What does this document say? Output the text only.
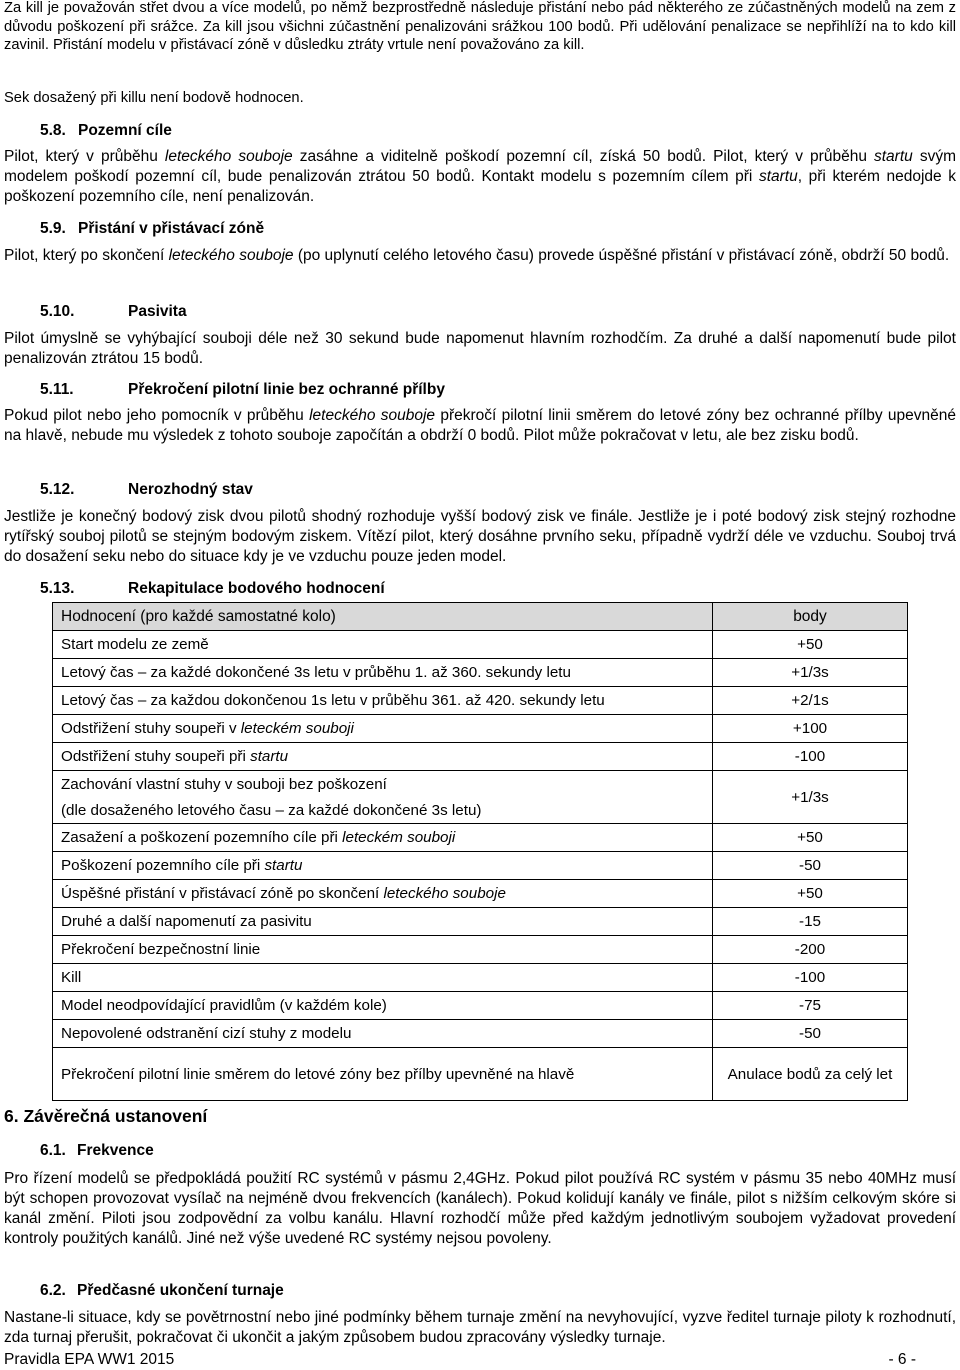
Za kill je považován střet dvou a více modelů, po němž bezprostředně následuje přistání nebo pád některého ze zúčastněných modelů na zem z důvodu poškození při srážce. Za kill jsou všichni zúčastnění penalizováni srážkou 100 bodů. Při udělování penalizace se nepřihlíží na to kdo kill zavinil. Přistání modelu v přistávací zóně v důsledku ztráty vrtule není považováno za kill.

Sek dosažený při killu není bodově hodnocen.

5.8. Pozemní cíle

Pilot, který v průběhu leteckého souboje zasáhne a viditelně poškodí pozemní cíl, získá 50 bodů. Pilot, který v průběhu startu svým modelem poškodí pozemní cíl, bude penalizován ztrátou 50 bodů. Kontakt modelu s pozemním cílem při startu, při kterém nedojde k poškození pozemního cíle, není penalizován.

5.9. Přistání v přistávací zóně

Pilot, který po skončení leteckého souboje (po uplynutí celého letového času) provede úspěšné přistání v přistávací zóně, obdrží 50 bodů.

5.10.	Pasivita

Pilot úmyslně se vyhýbající souboji déle než 30 sekund bude napomenut hlavním rozhodčím. Za druhé a další napomenutí bude pilot penalizován ztrátou 15 bodů.

5.11.	Překročení pilotní linie bez ochranné přílby

Pokud pilot nebo jeho pomocník v průběhu leteckého souboje překročí pilotní linii směrem do letové zóny bez ochranné přílby upevněné na hlavě, nebude mu výsledek z tohoto souboje započítán a obdrží 0 bodů. Pilot může pokračovat v letu, ale bez zisku bodů.

5.12.	Nerozhodný stav

Jestliže je konečný bodový zisk dvou pilotů shodný rozhoduje vyšší bodový zisk ve finále. Jestliže je i poté bodový zisk stejný rozhodne rytířský souboj pilotů se stejným bodovým ziskem. Vítězí pilot, který dosáhne prvního seku, případně vydrží déle ve vzduchu. Souboj trvá do dosažení seku nebo do situace kdy je ve vzduchu pouze jeden model.

5.13.	Rekapitulace bodového hodnocení
Hodnocení (pro každé samostatné kolo)	body
Start modelu ze země	+50
Letový čas – za každé dokončené 3s letu v průběhu 1. až 360. sekundy letu	+1/3s
Letový čas – za každou dokončenou 1s letu v průběhu 361. až 420. sekundy letu	+2/1s
Odstřižení stuhy soupeři v leteckém souboji	+100
Odstřižení stuhy soupeři při startu	-100
Zachování vlastní stuhy v souboji bez poškození
(dle dosaženého letového času – za každé dokončené 3s letu)	+1/3s
Zasažení a poškození pozemního cíle při leteckém souboji	+50
Poškození pozemního cíle při startu	-50
Úspěšné přistání v přistávací zóně po skončení leteckého souboje	+50
Druhé a další napomenutí za pasivitu	-15
Překročení bezpečnostní linie	-200
Kill	-100
Model neodpovídající pravidlům (v každém kole)	-75
Nepovolené odstranění cizí stuhy z modelu	-50
Překročení pilotní linie směrem do letové zóny bez přílby upevněné na hlavě	Anulace bodů za celý let
6. Závěrečná ustanovení
6.1. Frekvence

Pro řízení modelů se předpokládá použití RC systémů v pásmu 2,4GHz. Pokud pilot používá RC systém v pásmu 35 nebo 40MHz musí být schopen provozovat vysílač na nejméně dvou frekvencích (kanálech). Pokud kolidují kanály ve finále, pilot s nižším celkovým skóre si kanál změní. Piloti jsou zodpovědní za volbu kanálu. Hlavní rozhodčí může před každým jednotlivým soubojem vyžadovat provedení kontroly použitých kanálů. Jiné než výše uvedené RC systémy nejsou povoleny.

6.2. Předčasné ukončení turnaje

Nastane-li situace, kdy se povětrnostní nebo jiné podmínky během turnaje změní na nevyhovující, vyzve ředitel turnaje piloty k rozhodnutí, zda turnaj přerušit, pokračovat či ukončit a jakým způsobem budou zpracovány výsledky turnaje.

Pravidla EPA WW1 2015	- 6 -
